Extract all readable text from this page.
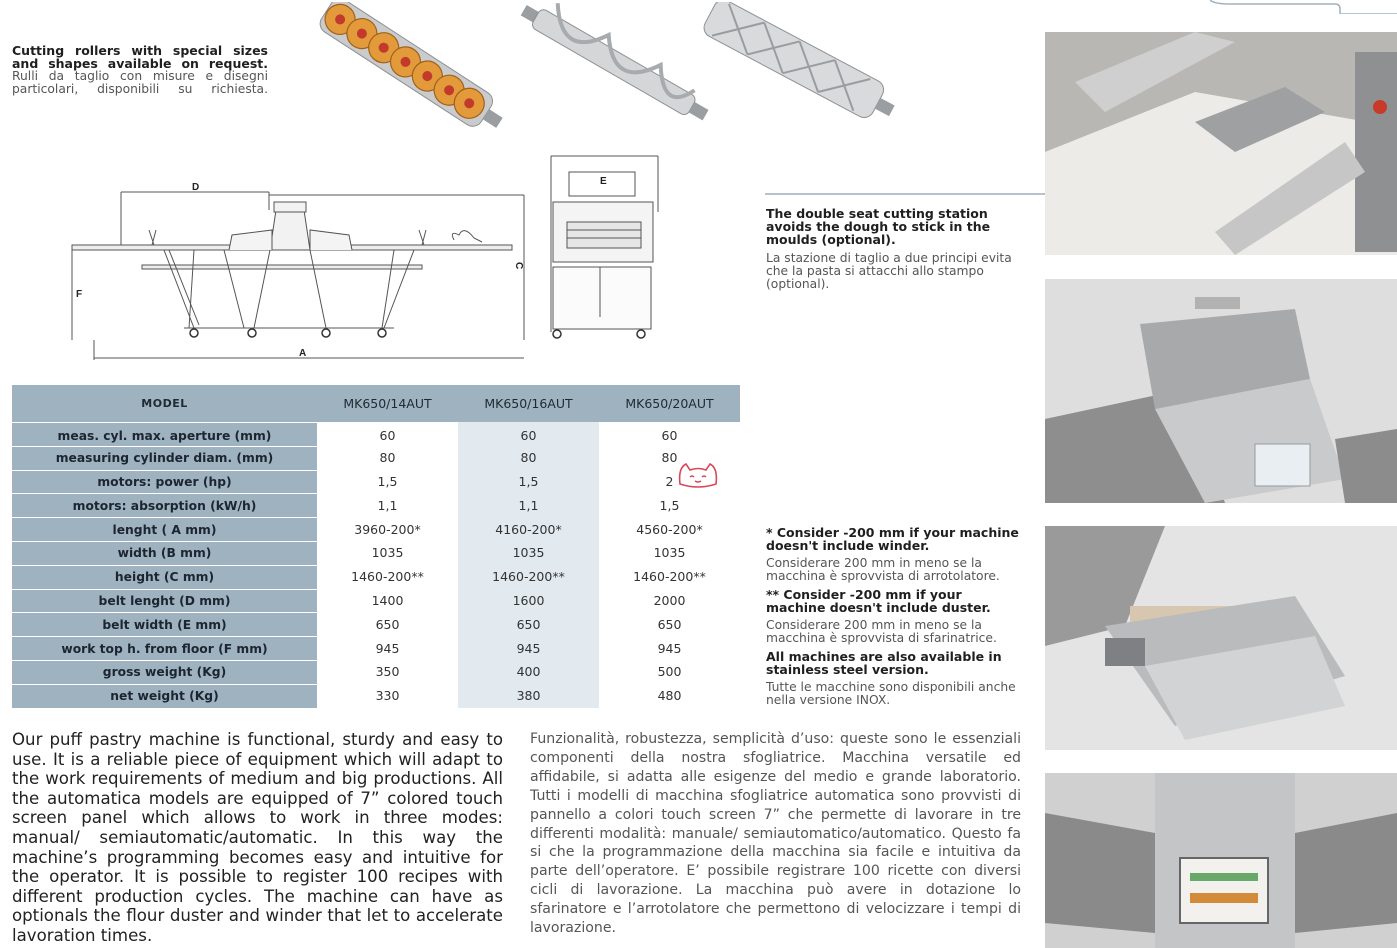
Cutting rollers with special sizes and shapes available on request.
Rulli da taglio con misure e disegni particolari, disponibili su richiesta.
D
F
A
C
E
The double seat cutting station avoids the dough to stick in the moulds (optional).
La stazione di taglio a due principi evita che la pasta si attacchi allo stampo (optional).
MODEL	MK650/14AUT	MK650/16AUT	MK650/20AUT
meas. cyl. max. aperture (mm)	60	60	60
measuring cylinder diam. (mm)	80	80	80
motors: power (hp)	1,5	1,5	2
motors: absorption (kW/h)	1,1	1,1	1,5
lenght ( A mm)	3960-200*	4160-200*	4560-200*
width (B mm)	1035	1035	1035
height (C mm)	1460-200**	1460-200**	1460-200**
belt lenght (D mm)	1400	1600	2000
belt width (E mm)	650	650	650
work top h. from floor (F mm)	945	945	945
gross weight (Kg)	350	400	500
net weight (Kg)	330	380	480
* Consider -200 mm if your machine doesn't include winder.
Considerare 200 mm in meno se la macchina è sprovvista di arrotolatore.
** Consider -200 mm if your machine doesn't include duster.
Considerare 200 mm in meno se la macchina è sprovvista di sfarinatrice.
All machines are also available in stainless steel version.
Tutte le macchine sono disponibili anche nella versione INOX.
Our puff pastry machine is functional, sturdy and easy to use. It is a reliable piece of equipment which will adapt to the work requirements of medium and big productions. All the automatica models are equipped of 7” colored touch screen panel which allows to work in three modes: manual/ semiautomatic/automatic. In this way the machine’s programming becomes easy and intuitive for the operator. It is possible to register 100 recipes with different production cycles. The machine can have as optionals the flour duster and winder that let to accelerate lavoration times.
Funzionalità, robustezza, semplicità d’uso: queste sono le essenziali componenti della nostra sfogliatrice. Macchina versatile ed affidabile, si adatta alle esigenze del medio e grande laboratorio. Tutti i modelli di macchina sfogliatrice automatica sono provvisti di pannello a colori touch screen 7” che permette di lavorare in tre differenti modalità: manuale/ semiautomatico/automatico. Questo fa si che la programmazione della macchina sia facile e intuitiva da parte dell’operatore. E’ possibile registrare 100 ricette con diversi cicli di lavorazione. La macchina può avere in dotazione lo sfarinatore e l’arrotolatore che permettono di velocizzare i tempi di lavorazione.
